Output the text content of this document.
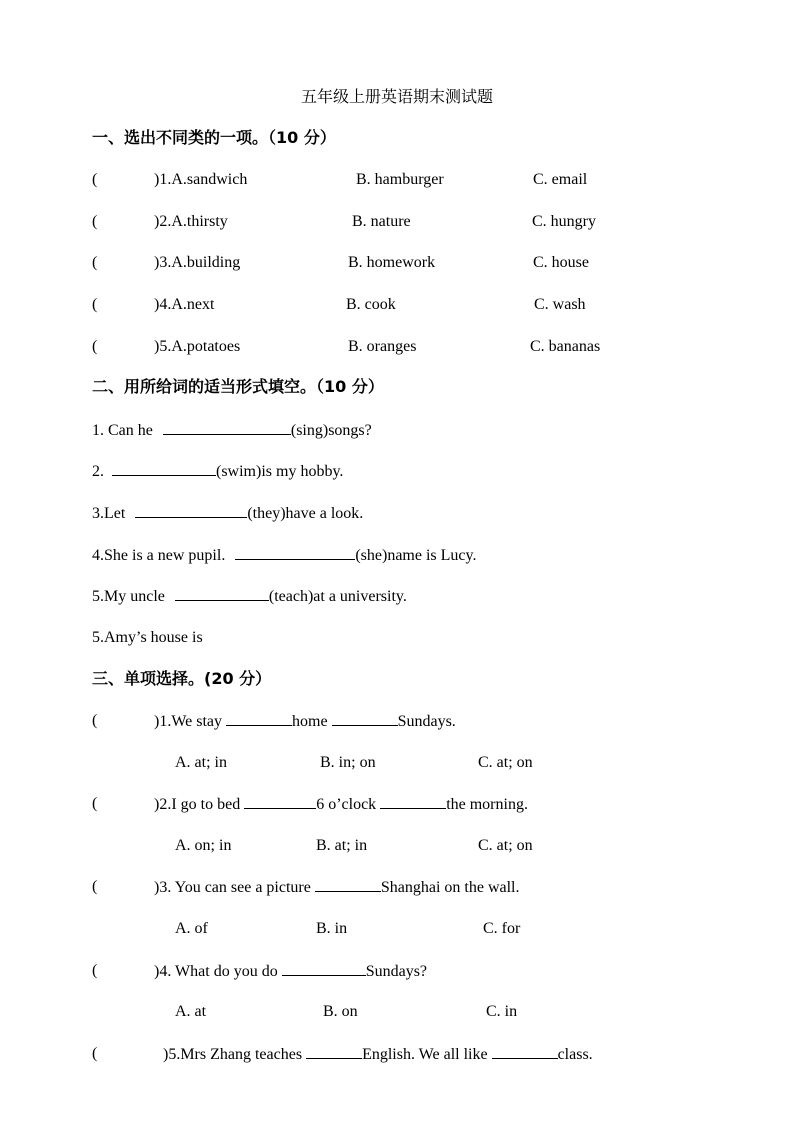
五年级上册英语期末测试题
一、选出不同类的一项。（10 分）
(	)1.A.sandwich	B. hamburger	C. email
(	)2.A.thirsty	B. nature	C. hungry
(	)3.A.building	B. homework	C. house
(	)4.A.next	B. cook	C. wash
(	)5.A.potatoes	B. oranges	C. bananas
二、用所给词的适当形式填空。（10 分）
1. Can he	(sing)songs?
2.	(swim)is my hobby.
3.Let	(they)have a look.
4.She is a new pupil.	(she)name is Lucy.
5.My uncle	(teach)at a university.
5.Amy’s house is
三、单项选择。(20 分）
(	)1.We stay	home	Sundays.
A. at; in	B. in; on	C. at; on
(	)2.I go to bed	6 o’clock	the morning.
A. on; in	B. at; in	C. at; on
(	)3. You can see a picture	Shanghai on the wall.
A. of	B. in	C. for
(	)4. What do you do	Sundays?
A. at	B. on	C. in
(	)5.Mrs Zhang teaches	English. We all like	class.
